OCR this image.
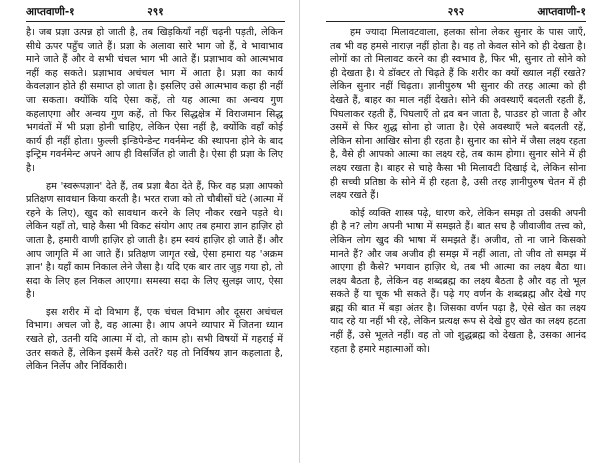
आप्तवाणी-१	२९१

है। जब प्रज्ञा उत्पन्न हो जाती है, तब खिड़कियाँ नहीं चढ़नी पड़ती, लेकिन सीधे ऊपर पहुँच जाते हैं। प्रज्ञा के अलावा सारे भाग जो हैं, वे भावाभाव माने जाते हैं और वे सभी चंचल भाग भी आते हैं। प्रज्ञाभाव को आत्मभाव नहीं कह सकते। प्रज्ञाभाव अचंचल भाग में आता है। प्रज्ञा का कार्य केवलज्ञान होते ही समाप्त हो जाता है। इसलिए उसे आत्मभाव कहा ही नहीं जा सकता। क्योंकि यदि ऐसा कहें, तो यह आत्मा का अन्वय गुण कहलाएगा और अन्वय गुण कहें, तो फिर सिद्धक्षेत्र में विराजमान सिद्ध भगवंतों में भी प्रज्ञा होनी चाहिए, लेकिन ऐसा नहीं है, क्योंकि वहाँ कोई कार्य ही नहीं होता। फुल्ली इन्डिपेन्डेन्ट गवर्नमेन्ट की स्थापना होने के बाद इन्ट्रिम गवर्नमेन्ट अपने आप ही विसर्जित हो जाती है। ऐसा ही प्रज्ञा के लिए है।

हम 'स्वरूपज्ञान' देते हैं, तब प्रज्ञा बैठा देते हैं, फिर वह प्रज्ञा आपको प्रतिक्षण सावधान किया करती है। भरत राजा को तो चौबीसों घंटे (आत्मा में रहने के लिए), खुद को सावधान करने के लिए नौकर रखने पड़ते थे। लेकिन यहाँ तो, चाहे कैसा भी विकट संयोग आए तब हमारा ज्ञान हाज़िर हो जाता है, हमारी वाणी हाज़िर हो जाती है। हम स्वयं हाज़िर हो जाते हैं। और आप जागृति में आ जाते हैं। प्रतिक्षण जागृत रखे, ऐसा हमारा यह 'अक्रम ज्ञान' है। यहाँ काम निकाल लेने जैसा है। यदि एक बार तार जुड़ गया हो, तो सदा के लिए हल निकल आएगा। समस्या सदा के लिए सुलझ जाए, ऐसा है।

इस शरीर में दो विभाग हैं, एक चंचल विभाग और दूसरा अचंचल विभाग। अचल जो है, वह आत्मा है। आप अपने व्यापार में जितना ध्यान रखते हो, उतनी यदि आत्मा में दो, तो काम हो। सभी विषयों में गहराई में उतर सकते हैं, लेकिन इसमें कैसे उतरें? यह तो निर्विषय ज्ञान कहलाता है, लेकिन निर्लेप और निर्विकारी।

२९२	आप्तवाणी-१

हम ज्यादा मिलावटवाला, हलका सोना लेकर सुनार के पास जाएँ, तब भी वह हमसे नाराज़ नहीं होता है। वह तो केवल सोने को ही देखता है। लोगों का तो मिलावट करने का ही स्वभाव है, फिर भी, सुनार तो सोने को ही देखता है। ये डॉक्टर तो चिढ़ते हैं कि शरीर का क्यों ख्याल नहीं रखते? लेकिन सुनार नहीं चिढ़ता। ज्ञानीपुरुष भी सुनार की तरह आत्मा को ही देखते हैं, बाहर का माल नहीं देखते। सोने की अवस्थाएँ बदलती रहती हैं, पिघलाकर रहती हैं, पिघलाएँ तो द्रव बन जाता है, पाउडर हो जाता है और उसमें से फिर शुद्ध सोना हो जाता है। ऐसे अवस्थाएँ भले बदलती रहें, लेकिन सोना आखिर सोना ही रहता है। सुनार का सोने में जैसा लक्ष्य रहता है, वैसे ही आपको आत्मा का लक्ष्य रहे, तब काम होगा। सुनार सोने में ही लक्ष्य रखता है। बाहर से चाहे कैसा भी मिलावटी दिखाई दे, लेकिन सोना ही सच्ची प्रतिष्ठा के सोने में ही रहता है, उसी तरह ज्ञानीपुरुष चेतन में ही लक्ष्य रखते हैं।

कोई व्यक्ति शास्त्र पढ़े, धारण करे, लेकिन समझ तो उसकी अपनी ही है न? लोग अपनी भाषा में समझते हैं। बात सच है जीवाजीव तत्त्व को, लेकिन लोग खुद की भाषा में समझते हैं। अजीव, तो ना जाने किसको मानते हैं? और जब अजीव ही समझ में नहीं आता, तो जीव तो समझ में आएगा ही कैसे? भगवान हाज़िर थे, तब भी आत्मा का लक्ष्य बैठा था। लक्ष्य बैठता है, लेकिन वह शब्दब्रह्म का लक्ष्य बैठता है और वह तो भूल सकते हैं या चूक भी सकते हैं। पढ़े गए वर्णन के शब्दब्रह्म और देखे गए ब्रह्म की बात में बड़ा अंतर है। जिसका वर्णन पढ़ा है, ऐसे खेत का लक्ष्य याद रहे या नहीं भी रहे, लेकिन प्रत्यक्ष रूप से देखे हुए खेत का लक्ष्य हटता नहीं हैं, उसे भूलते नहीं। वह तो जो शुद्धब्रह्म को देखता है, उसका आनंद रहता है हमारे महात्माओं को।
